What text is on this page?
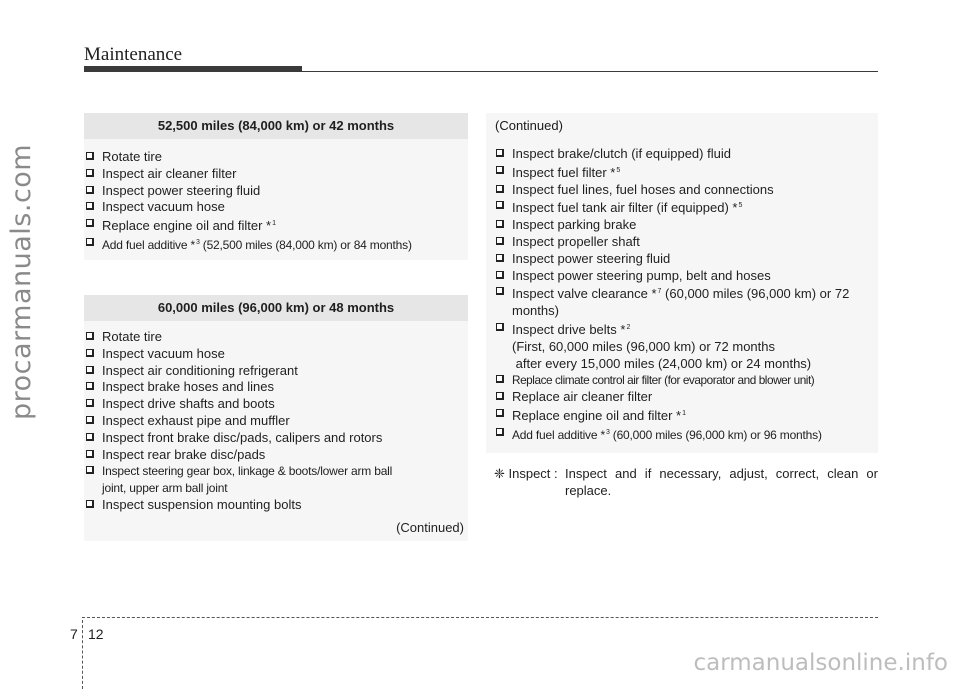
procarmanuals.com
carmanualsonline.info
Maintenance
52,500 miles (84,000 km) or 42 months
Rotate tire
Inspect air cleaner filter
Inspect power steering fluid
Inspect vacuum hose
Replace engine oil and filter *$^1$
Add fuel additive *$^3$ (52,500 miles (84,000 km) or 84 months)
60,000 miles (96,000 km) or 48 months
Rotate tire
Inspect vacuum hose
Inspect air conditioning refrigerant
Inspect brake hoses and lines
Inspect drive shafts and boots
Inspect exhaust pipe and muffler
Inspect front brake disc/pads, calipers and rotors
Inspect rear brake disc/pads
Inspect steering gear box, linkage & boots/lower arm ball
joint, upper arm ball joint
Inspect suspension mounting bolts
(Continued)
(Continued)
Inspect brake/clutch (if equipped) fluid
Inspect fuel filter *$^5$
Inspect fuel lines, fuel hoses and connections
Inspect fuel tank air filter (if equipped) *$^5$
Inspect parking brake
Inspect propeller shaft
Inspect power steering fluid
Inspect power steering pump, belt and hoses
Inspect valve clearance *$^7$ (60,000 miles (96,000 km) or 72
months)
Inspect drive belts *$^2$
(First, 60,000 miles (96,000 km) or 72 months
after every 15,000 miles (24,000 km) or 24 months)
Replace climate control air filter (for evaporator and blower unit)
Replace air cleaner filter
Replace engine oil and filter *$^1$
Add fuel additive *$^3$ (60,000 miles (96,000 km) or 96 months)
❈ Inspect : Inspect and if necessary, adjust, correct, clean or replace.
7 12
